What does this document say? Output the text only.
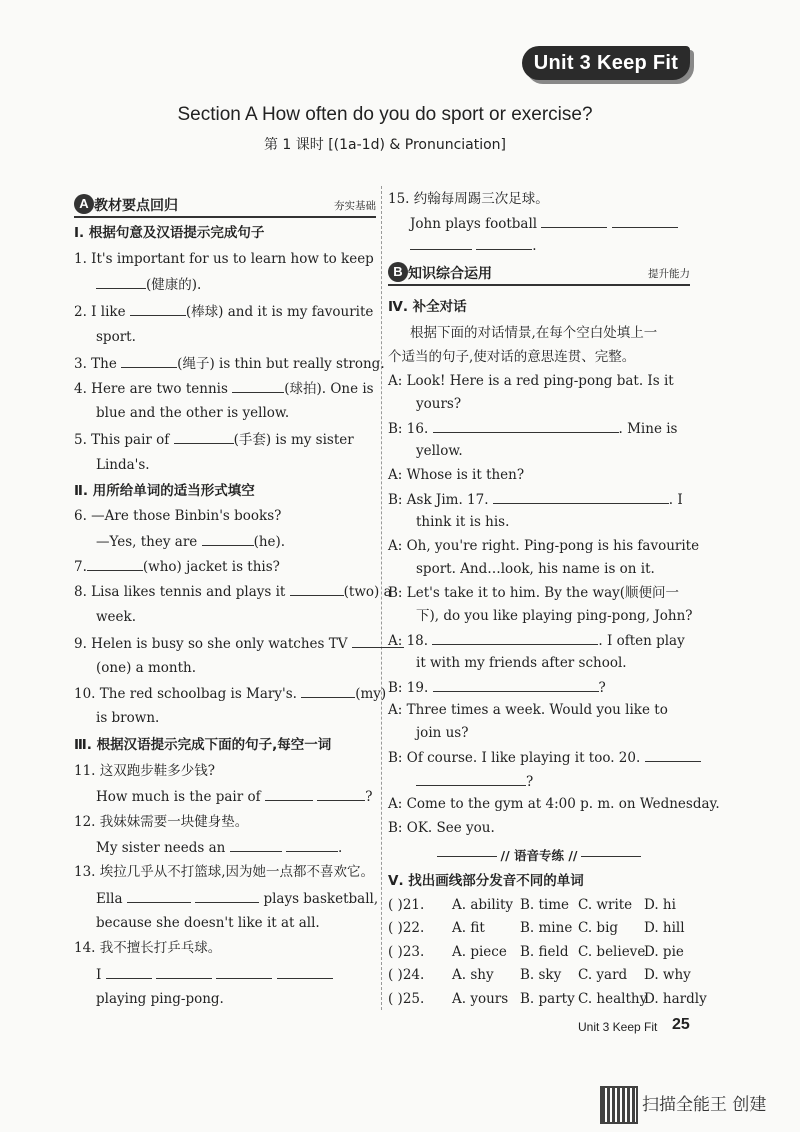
Unit 3 Keep Fit
Section A How often do you do sport or exercise?
第 1 课时 [(1a-1d) & Pronunciation]
A 教材要点回归	夯实基础
Ⅰ. 根据句意及汉语提示完成句子
1. It's important for us to learn how to keep
(健康的).
2. I like	(棒球) and it is my favourite
sport.
3. The	(绳子) is thin but really strong.
4. Here are two tennis	(球拍). One is
blue and the other is yellow.
5. This pair of	(手套) is my sister
Linda's.
Ⅱ. 用所给单词的适当形式填空
6. —Are those Binbin's books?
—Yes, they are	(he).
7.	(who) jacket is this?
8. Lisa likes tennis and plays it	(two) a
week.
9. Helen is busy so she only watches TV
(one) a month.
10. The red schoolbag is Mary's.	(my)
is brown.
Ⅲ. 根据汉语提示完成下面的句子,每空一词
11. 这双跑步鞋多少钱?
How much is the pair of	?
12. 我妹妹需要一块健身垫。
My sister needs an	.
13. 埃拉几乎从不打篮球,因为她一点都不喜欢它。
Ella	plays basketball,
because she doesn't like it at all.
14. 我不擅长打乒乓球。
I
playing ping-pong.
15. 约翰每周踢三次足球。
John plays football
.
B 知识综合运用	提升能力
Ⅳ. 补全对话
根据下面的对话情景,在每个空白处填上一
个适当的句子,使对话的意思连贯、完整。
A: Look! Here is a red ping-pong bat. Is it
yours?
B: 16.	. Mine is
yellow.
A: Whose is it then?
B: Ask Jim. 17.	. I
think it is his.
A: Oh, you're right. Ping-pong is his favourite
sport. And…look, his name is on it.
B: Let's take it to him. By the way(顺便问一
下), do you like playing ping-pong, John?
A: 18.	. I often play
it with my friends after school.
B: 19.	?
A: Three times a week. Would you like to
join us?
B: Of course. I like playing it too. 20.
?
A: Come to the gym at 4:00 p. m. on Wednesday.
B: OK. See you.
// 语音专练 //
Ⅴ. 找出画线部分发音不同的单词
( )21. A. ability B. time C. write D. hi
( )22. A. fit	B. mine C. big D. hill
( )23. A. piece B. field C. believeD. pie
( )24. A. shy B. sky C. yard D. why
( )25. A. yours B. party C. healthyD. hardly
Unit 3 Keep Fit 25
扫描全能王 创建
